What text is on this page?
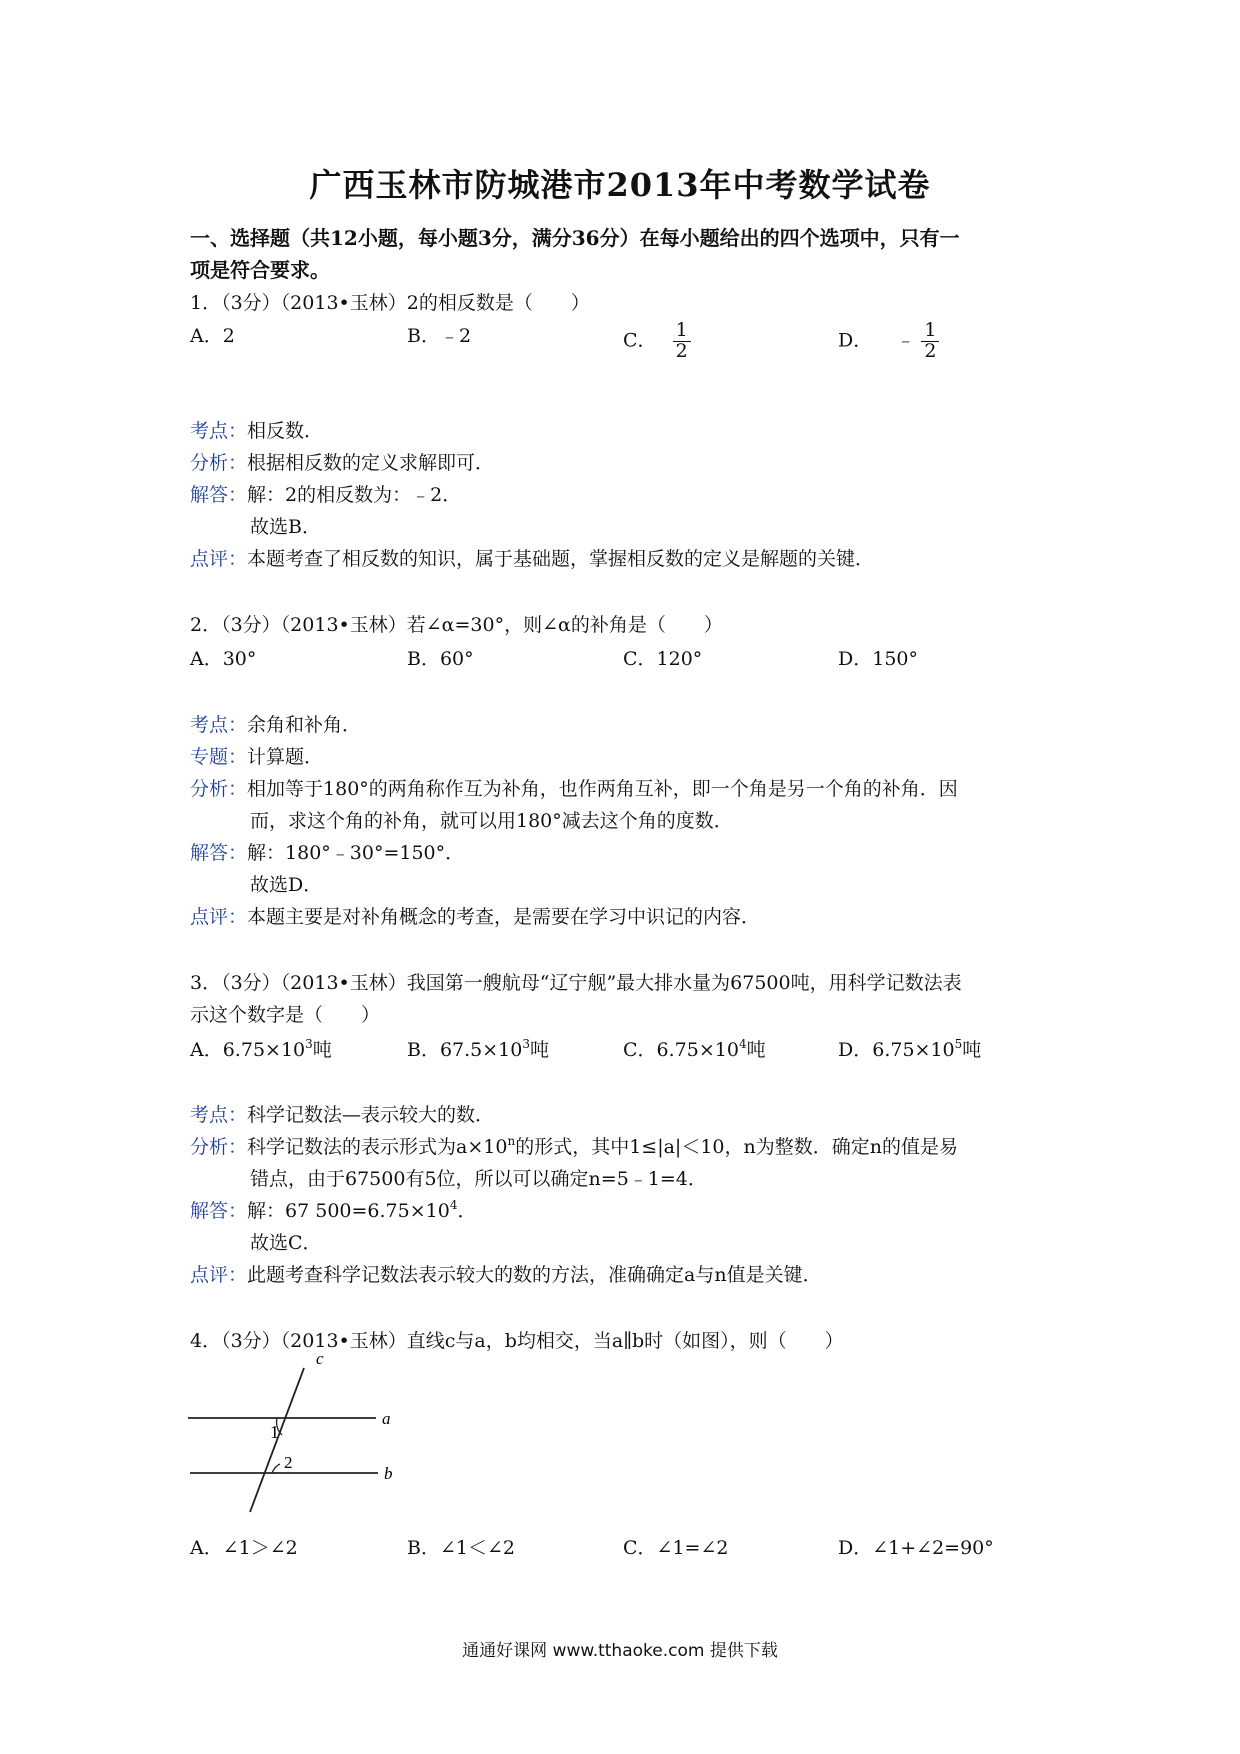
广西玉林市防城港市2013年中考数学试卷
一、选择题（共12小题，每小题3分，满分36分）在每小题给出的四个选项中，只有一
项是符合要求。
1．（3分）（2013•玉林）2的相反数是（　　）
A．2	B．﹣2	C． $\frac{1}{2}$	D． ﹣ $\frac{1}{2}$
考点：相反数．
分析：根据相反数的定义求解即可．
解答：解：2的相反数为：﹣2．
故选B．
点评：本题考查了相反数的知识，属于基础题，掌握相反数的定义是解题的关键．
2．（3分）（2013•玉林）若∠α=30°，则∠α的补角是（　　）
A．30°	B．60°	C．120°	D．150°
考点：余角和补角．
专题：计算题．
分析：相加等于180°的两角称作互为补角，也作两角互补，即一个角是另一个角的补角．因
而，求这个角的补角，就可以用180°减去这个角的度数．
解答：解：180°﹣30°=150°．
故选D．
点评：本题主要是对补角概念的考查，是需要在学习中识记的内容．
3．（3分）（2013•玉林）我国第一艘航母“辽宁舰”最大排水量为67500吨，用科学记数法表
示这个数字是（　　）
A．$6.75\times 10^3$吨	B．$67.5\times 10^3$吨	C．$6.75\times 10^4$吨	D．$6.75\times 10^5$吨
考点：科学记数法—表示较大的数．
分析：科学记数法的表示形式为$a\times 10^n$的形式，其中1≤|a|＜10，n为整数．确定n的值是易
错点，由于67500有5位，所以可以确定n=5﹣1=4．
解答：解：67 $500=6.75\times 10^4$．
故选C．
点评：此题考查科学记数法表示较大的数的方法，准确确定a与n值是关键．
4．（3分）（2013•玉林）直线c与a，b均相交，当a∥b时（如图），则（　　）
c
a
b
1
2
A．∠1＞∠2	B．∠1＜∠2	C．∠1=∠2	D．∠1+∠2=90°
通通好课网 www.tthaoke.com 提供下载
